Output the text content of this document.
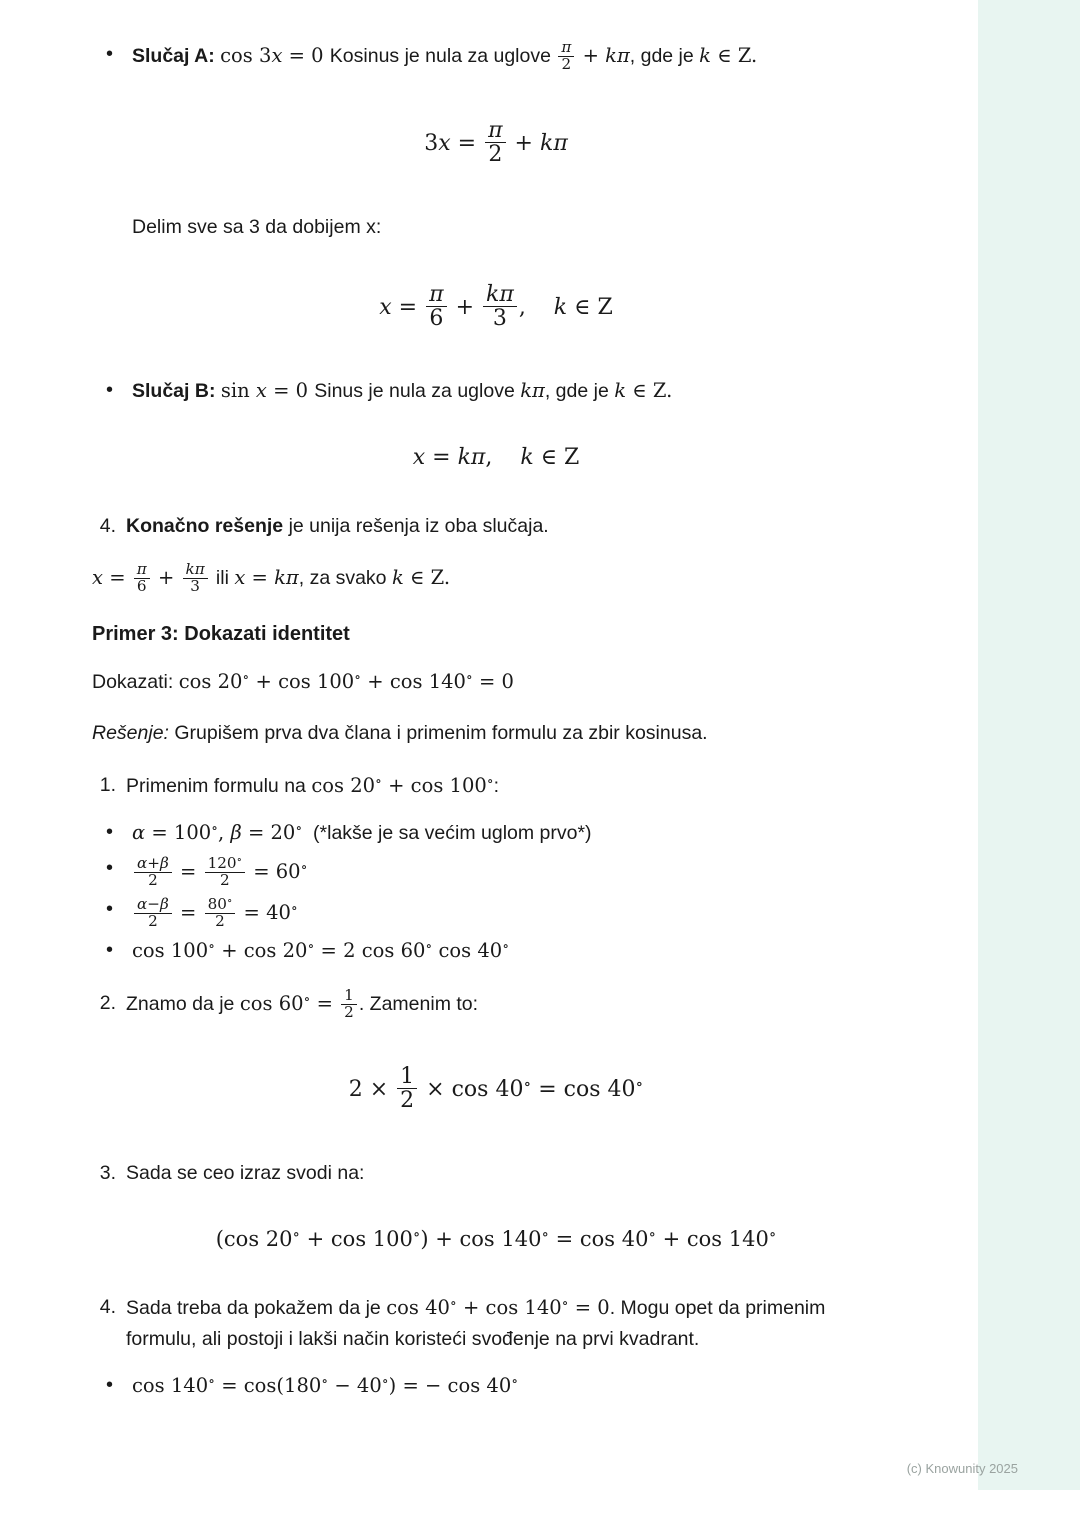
• Slučaj A: cos 3x = 0 Kosinus je nula za uglove $\frac{\pi}{2} + k\pi$, gde je k ∈ Z.
$3x = \frac{\pi}{2} + k\pi$

Delim sve sa 3 da dobijem x:

$x = \frac{\pi}{6} + \frac{k\pi}{3}$ , k ∈ Z
• Slučaj B: sin x = 0 Sinus je nula za uglove kπ, gde je k ∈ Z.
x = kπ, k ∈ Z
4. Konačno rešenje je unija rešenja iz oba slučaja.

$x = \frac{\pi}{6} + \frac{k\pi}{3}$ ili x = kπ, za svako k ∈ Z.

Primer 3: Dokazati identitet

Dokazati: cos 20∘ + cos 100∘ + cos 140∘ = 0

Rešenje: Grupišem prva dva člana i primenim formulu za zbir kosinusa.

1. Primenim formulu na cos 20∘ + cos 100∘:
• α = 100∘, β = 20∘  (*lakše je sa većim uglom prvo*)
• $\frac{\alpha+\beta}{2} = \frac{120^\circ}{2} = 60^\circ$
• $\frac{\alpha-\beta}{2} = \frac{80^\circ}{2} = 40^\circ$
• cos 100∘ + cos 20∘ = 2 cos 60∘ cos 40∘
2. Znamo da je $\cos 60^\circ = \frac{1}{2}$ . Zamenim to:
$2 \times \frac{1}{2} \times \cos 40^\circ = \cos 40^\circ$
3. Sada se ceo izraz svodi na:
(cos 20∘ + cos 100∘) + cos 140∘ = cos 40∘ + cos 140∘
4. Sada treba da pokažem da je cos 40∘ + cos 140∘ = 0. Mogu opet da primenim formulu, ali postoji i lakši način koristeći svođenje na prvi kvadrant.
• cos 140∘ = cos(180∘ − 40∘) = − cos 40∘
(c) Knowunity 2025
